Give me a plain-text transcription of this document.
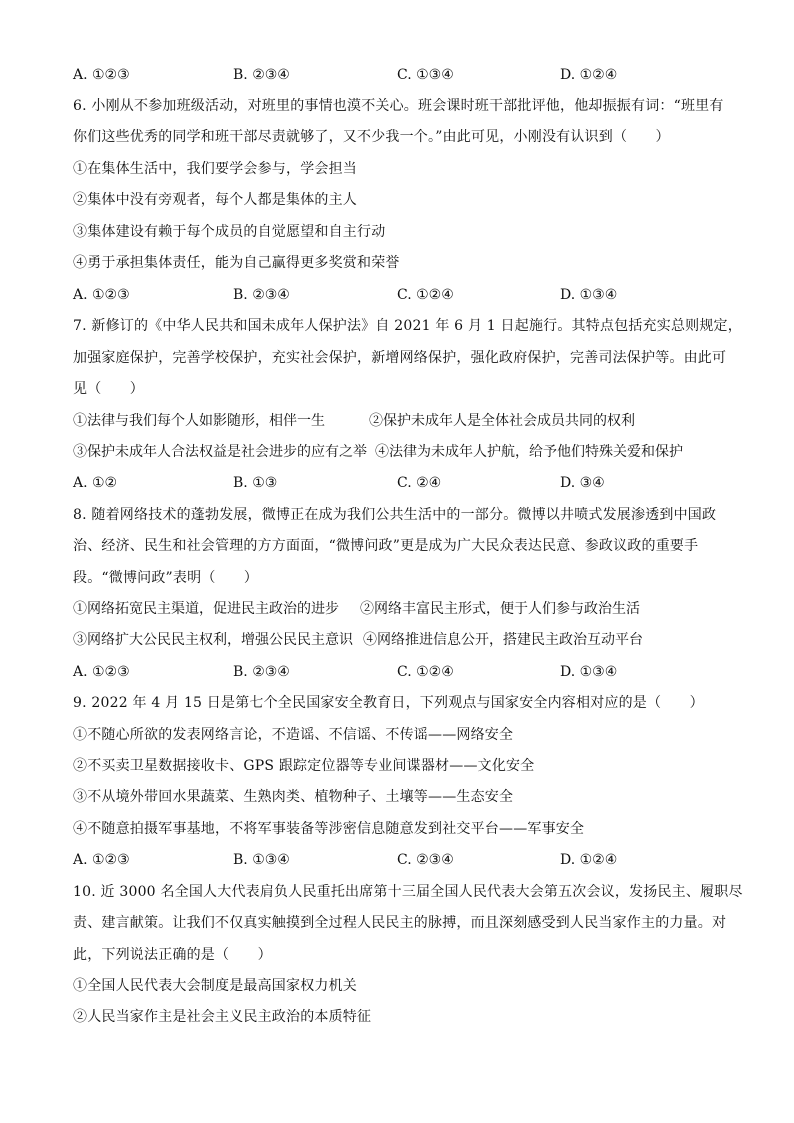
A. ①②③	B. ②③④	C. ①③④	D. ①②④
6. 小刚从不参加班级活动，对班里的事情也漠不关心。班会课时班干部批评他，他却振振有词：“班里有
你们这些优秀的同学和班干部尽责就够了，又不少我一个。”由此可见，小刚没有认识到（　　）
①在集体生活中，我们要学会参与，学会担当
②集体中没有旁观者，每个人都是集体的主人
③集体建设有赖于每个成员的自觉愿望和自主行动
④勇于承担集体责任，能为自己赢得更多奖赏和荣誉
A. ①②③	B. ②③④	C. ①②④	D. ①③④
7. 新修订的《中华人民共和国未成年人保护法》自 2021 年 6 月 1 日起施行。其特点包括充实总则规定，
加强家庭保护，完善学校保护，充实社会保护，新增网络保护，强化政府保护，完善司法保护等。由此可
见（　　）
①法律与我们每个人如影随形，相伴一生	②保护未成年人是全体社会成员共同的权利
③保护未成年人合法权益是社会进步的应有之举 ④法律为未成年人护航，给予他们特殊关爱和保护
A. ①②	B. ①③	C. ②④	D. ③④
8. 随着网络技术的蓬勃发展，微博正在成为我们公共生活中的一部分。微博以井喷式发展渗透到中国政
治、经济、民生和社会管理的方方面面，“微博问政”更是成为广大民众表达民意、参政议政的重要手
段。“微博问政”表明（　　）
①网络拓宽民主渠道，促进民主政治的进步 ②网络丰富民主形式，便于人们参与政治生活
③网络扩大公民民主权利，增强公民民主意识 ④网络推进信息公开，搭建民主政治互动平台
A. ①②③	B. ②③④	C. ①②④	D. ①③④
9. 2022 年 4 月 15 日是第七个全民国家安全教育日，下列观点与国家安全内容相对应的是（　　）
①不随心所欲的发表网络言论，不造谣、不信谣、不传谣——网络安全
②不买卖卫星数据接收卡、GPS 跟踪定位器等专业间谍器材——文化安全
③不从境外带回水果蔬菜、生熟肉类、植物种子、土壤等——生态安全
④不随意拍摄军事基地，不将军事装备等涉密信息随意发到社交平台——军事安全
A. ①②③	B. ①③④	C. ②③④	D. ①②④
10. 近 3000 名全国人大代表肩负人民重托出席第十三届全国人民代表大会第五次会议，发扬民主、履职尽
责、建言献策。让我们不仅真实触摸到全过程人民民主的脉搏，而且深刻感受到人民当家作主的力量。对
此，下列说法正确的是（　　）
①全国人民代表大会制度是最高国家权力机关
②人民当家作主是社会主义民主政治的本质特征
